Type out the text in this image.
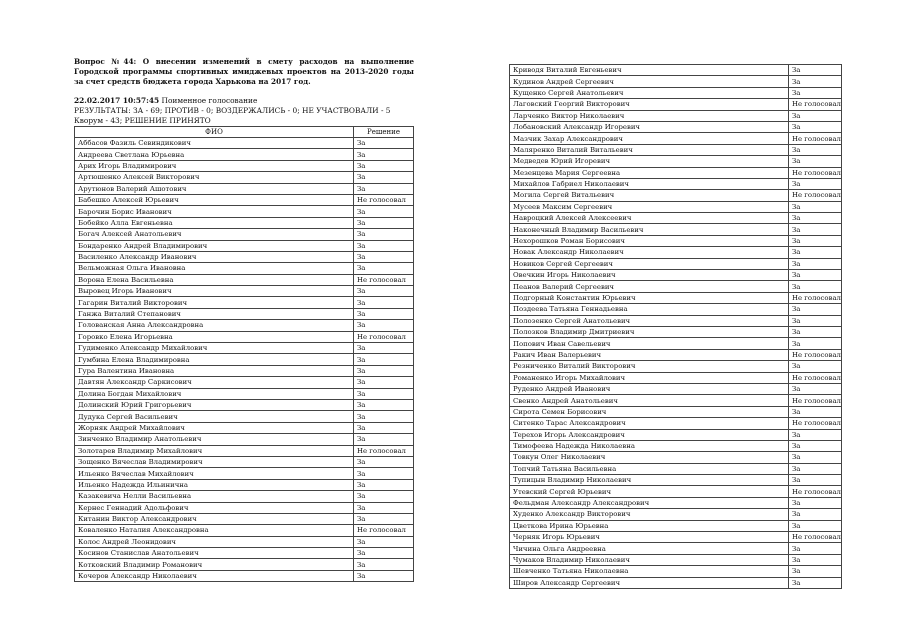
Вопрос №44: О внесении изменений в смету расходов на выполнение Городской программы спортивных имиджевых проектов на 2013-2020 годы за счет средств бюджета города Харькова на 2017 год.

22.02.2017 10:57:45 Поименное голосование
РЕЗУЛЬТАТЫ: ЗА - 69; ПРОТИВ - 0; ВОЗДЕРЖАЛИСЬ - 0; НЕ УЧАСТВОВАЛИ - 5
Кворум - 43; РЕШЕНИЕ ПРИНЯТО
ФИО	Решение
Аббасов Фазиль Севиндикович	За
Андреева Светлана Юрьевна	За
Арих Игорь Владимирович	За
Артюшенко Алексей Викторович	За
Арутюнов Валерий Ашотович	За
Бабешко Алексей Юрьевич	Не голосовал
Барочин Борис Иванович	За
Бобейко Алла Евгеньевна	За
Богач Алексей Анатольевич	За
Бондаренко Андрей Владимирович	За
Василенко Александр Иванович	За
Вельможная Ольга Ивановна	За
Ворона Елена Васильевна	Не голосовал
Выровец Игорь Иванович	За
Гагарин Виталий Викторович	За
Ганжа Виталий Степанович	За
Голованская Анна Александровна	За
Горовко Елена Игорьевна	Не голосовал
Гудименко Александр Михайлович	За
Гумбина Елена Владимировна	За
Гура Валентина Ивановна	За
Давтян Александр Саркисович	За
Долина Богдан Михайлович	За
Долинский Юрий Григорьевич	За
Дудука Сергей Васильевич	За
Жорняк Андрей Михайлович	За
Зинченко Владимир Анатольевич	За
Золотарев Владимир Михайлович	Не голосовал
Зощенко Вячеслав Владимирович	За
Ильенко Вячеслав Михайлович	За
Ильенко Надежда Ильинична	За
Казакевича Нелли Васильевна	За
Кернес Геннадий Адольфович	За
Китанин Виктор Александрович	За
Коваленко Наталия Александровна	Не голосовал
Колос Андрей Леонидович	За
Косинов Станислав Анатольевич	За
Котковский Владимир Романович	За
Кочеров Александр Николаевич	За
Криводя Виталий Евгеньевич	За
Кудинов Андрей Сергеевич	За
Кущенко Сергей Анатольевич	За
Лаговский Георгий Викторович	Не голосовал
Ларченко Виктор Николаевич	За
Лобановский Александр Игоревич	За
Мазчик Захар Александрович	Не голосовал
Маляренко Виталий Витальевич	За
Медведев Юрий Игоревич	За
Мезенцева Мария Сергеевна	Не голосовал
Михайлов Габриел Николаевич	За
Могила Сергей Витальевич	Не голосовал
Мусеев Максим Сергеевич	За
Навроцкий Алексей Алексеевич	За
Наконечный Владимир Васильевич	За
Нехорошков Роман Борисович	За
Новак Александр Николаевич	За
Новиков Сергей Сергеевич	За
Овечкин Игорь Николаевич	За
Пеанов Валерий Сергеевич	За
Подгорный Константин Юрьевич	Не голосовал
Поздеева Татьяна Геннадьевна	За
Полозенко Сергей Анатольевич	За
Полозков Владимир Дмитриевич	За
Попович Иван Савельевич	За
Ракич Иван Валерьевич	Не голосовал
Резниченко Виталий Викторович	За
Романенко Игорь Михайлович	Не голосовал
Руденко Андрей Иванович	За
Свенко Андрей Анатольевич	Не голосовал
Сирота Семен Борисович	За
Ситенко Тарас Александрович	Не голосовал
Терехов Игорь Александрович	За
Тимофеева Надежда Николаевна	За
Товкун Олег Николаевич	За
Топчий Татьяна Васильевна	За
Тупицын Владимир Николаевич	За
Утевский Сергей Юрьевич	Не голосовал
Фельдман Александр Александрович	За
Худенко Александр Викторович	За
Цветкова Ирина Юрьевна	За
Черняк Игорь Юрьевич	Не голосовал
Чичина Ольга Андреевна	За
Чумаков Владимир Николаевич	За
Шевченко Татьяна Николаевна	За
Шиpов Александр Сергеевич	За
